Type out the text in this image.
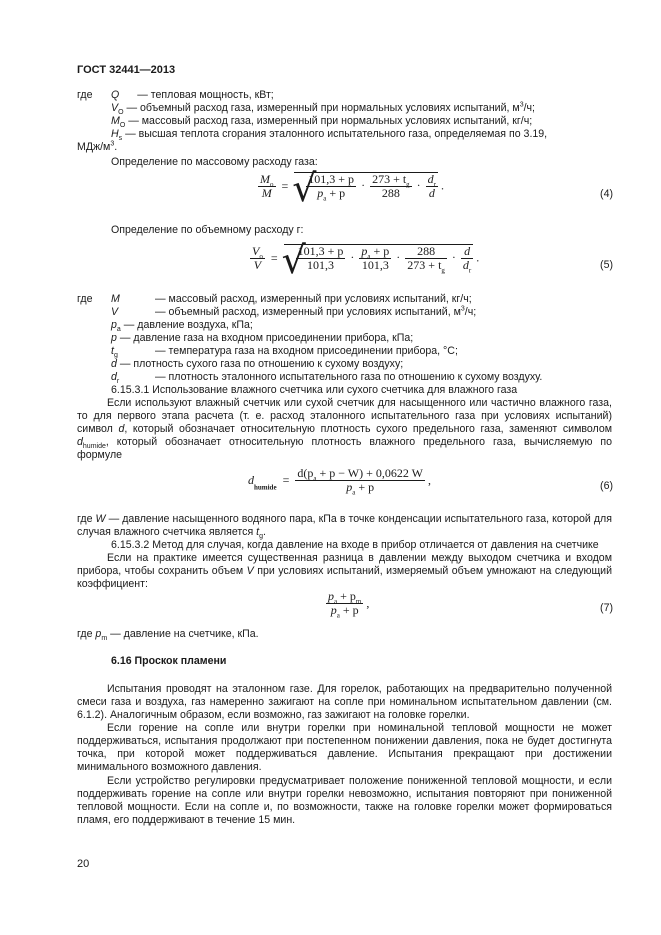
ГОСТ 32441—2013
где Q — тепловая мощность, кВт;
$V_O$ — объемный расход газа, измеренный при нормальных условиях испытаний, $м^3/ч$;
$M_O$ — массовый расход газа, измеренный при нормальных условиях испытаний, кг/ч;
$H_s$ — высшая теплота сгорания эталонного испытательного газа, определяемая по 3.19,
МДж/$м^3$.
Определение по массовому расходу газа:
$\frac{M_o}{M}$ = √ $\frac{101,3 + p}{p_a + p} \cdot \frac{273 + t_g}{288} \cdot \frac{d_r}{d}$ .
(4)
Определение по объемному расходу г:
$\frac{V_o}{V}$ = √ $\frac{101,3 + p}{101,3} \cdot \frac{p_a + p}{101,3} \cdot \frac{288}{273 + t_g} \cdot \frac{d}{d_r}$ .
(5)
где M	— массовый расход, измеренный при условиях испытаний, кг/ч;
V	— объемный расход, измеренный при условиях испытаний, $м^3/ч$;
$p_a$ — давление воздуха, кПа;
p — давление газа на входном присоединении прибора, кПа;
$t_g$	— температура газа на входном присоединении прибора, °С;
d — плотность сухого газа по отношению к сухому воздуху;
$d_r$	— плотность эталонного испытательного газа по отношению к сухому воздуху.
6.15.3.1 Использование влажного счетчика или сухого счетчика для влажного газа
Если используют влажный счетчик или сухой счетчик для насыщенного или частично влажного газа, то для первого этапа расчета (т. е. расход эталонного испытательного газа при условиях испытаний) символ d, который обозначает относительную плотность сухого предельного газа, заменяют символом $d_{humide}$, который обозначает относительную плотность влажного предельного газа, вычисляемую по формуле
$d_{humide} = \frac{d(p_a + p - W) + 0,0622 W}{p_a + p}$ ,	(6)
где W — давление насыщенного водяного пара, кПа в точке конденсации испытательного газа, которой для случая влажного счетчика является $t_g$.
6.15.3.2 Метод для случая, когда давление на входе в прибор отличается от давления на счетчике
Если на практике имеется существенная разница в давлении между выходом счетчика и входом прибора, чтобы сохранить объем V при условиях испытаний, измеряемый объем умножают на следующий коэффициент:
$\frac{p_a + p_m}{p_a + p}$ ,	(7)
где $p_m$ — давление на счетчике, кПа.
6.16 Проскок пламени
Испытания проводят на эталонном газе. Для горелок, работающих на предварительно полученной смеси газа и воздуха, газ намеренно зажигают на сопле при номинальном испытательном давлении (см. 6.1.2). Аналогичным образом, если возможно, газ зажигают на головке горелки.
Если горение на сопле или внутри горелки при номинальной тепловой мощности не может поддерживаться, испытания продолжают при постепенном понижении давления, пока не будет достигнута точка, при которой может поддерживаться давление. Испытания прекращают при достижении минимального возможного давления.
Если устройство регулировки предусматривает положение пониженной тепловой мощности, и если поддерживать горение на сопле или внутри горелки невозможно, испытания повторяют при пониженной тепловой мощности. Если на сопле и, по возможности, также на головке горелки может формироваться пламя, его поддерживают в течение 15 мин.
20
